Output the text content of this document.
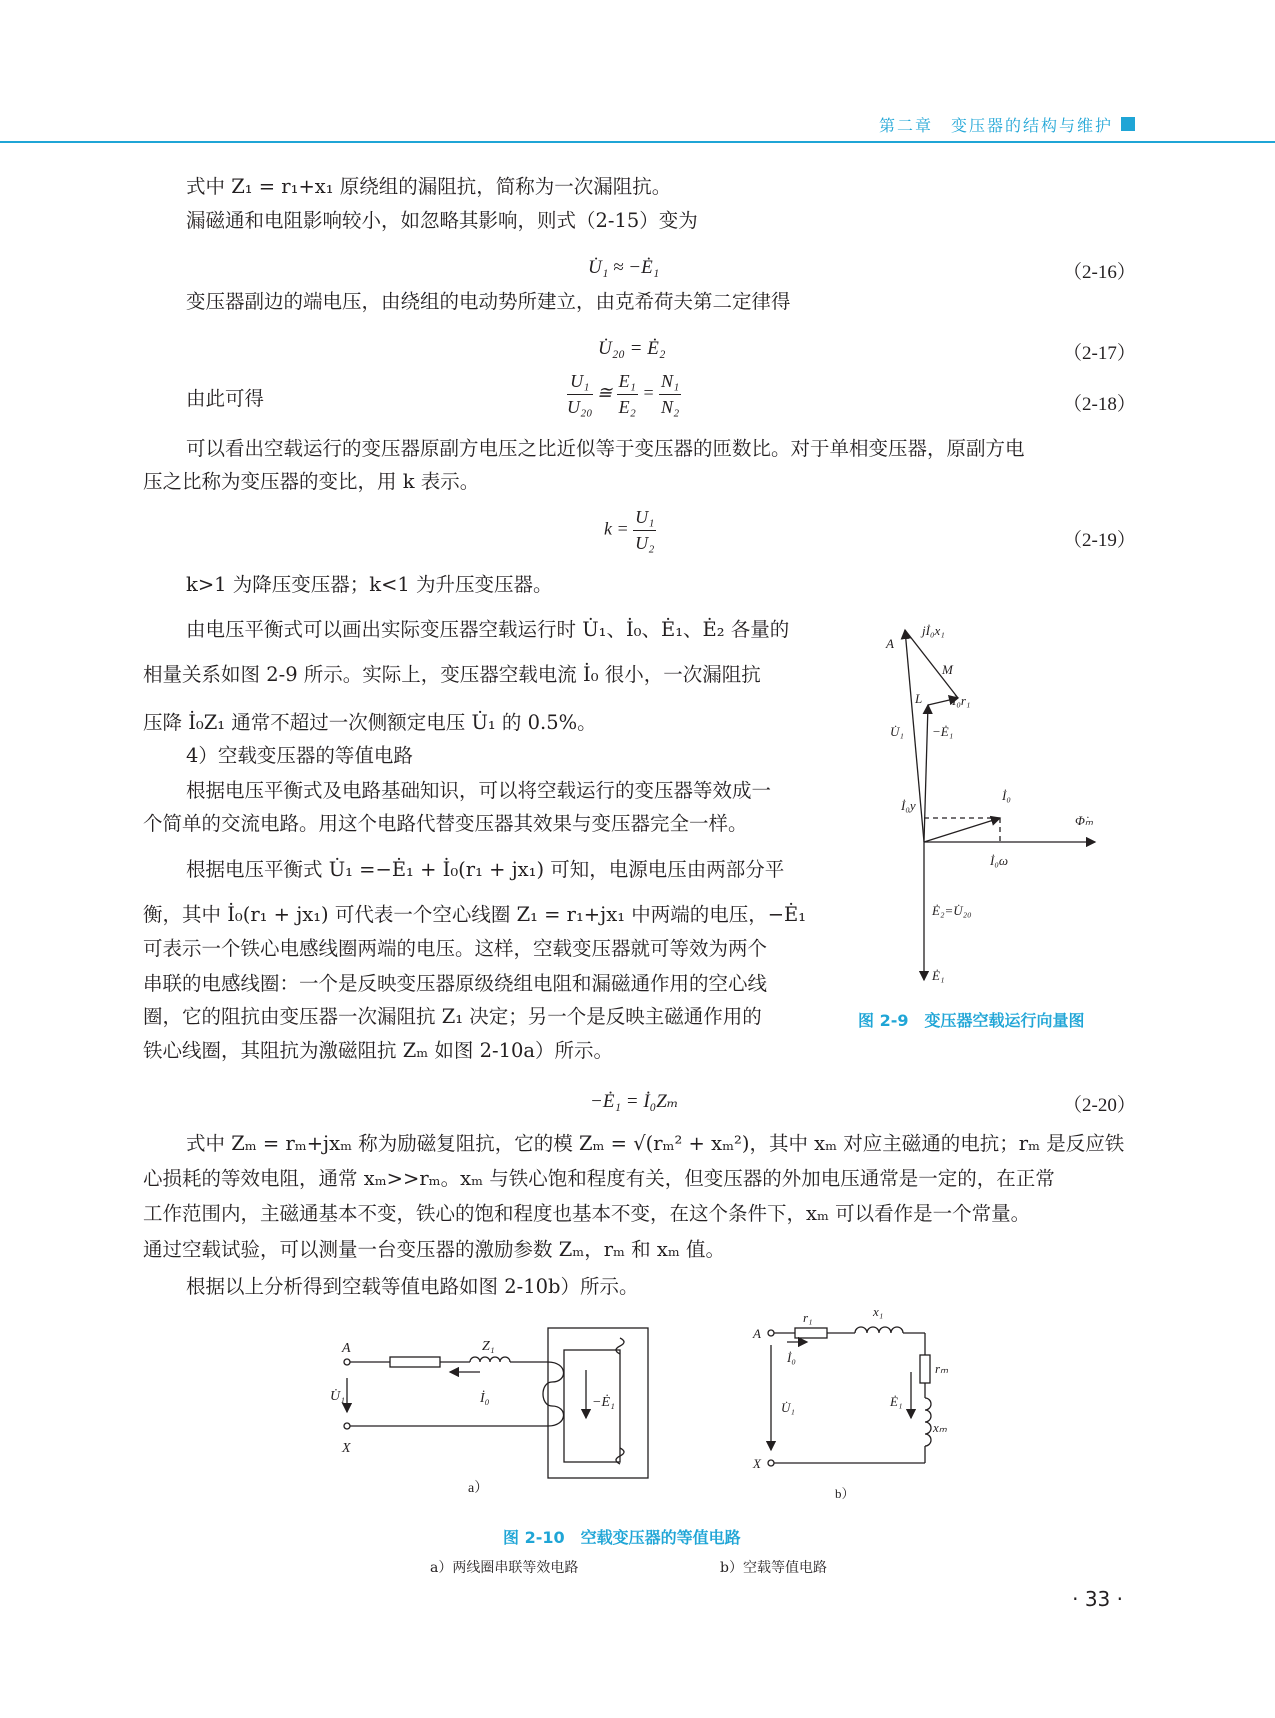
第二章　变压器的结构与维护
式中 Z₁ = r₁+x₁ 原绕组的漏阻抗，简称为一次漏阻抗。
漏磁通和电阻影响较小，如忽略其影响，则式（2-15）变为
U̇₁ ≈ −Ė₁	（2-16）
变压器副边的端电压，由绕组的电动势所建立，由克希荷夫第二定律得
U̇₂₀ = Ė₂	（2-17）
由此可得	$\frac{\text{U₁}}{\text{U₂₀}}$ ≅ $\frac{\text{E₁}}{\text{E₂}} = \frac{\text{N₁}}{\text{N₂}}$	（2-18）
可以看出空载运行的变压器原副方电压之比近似等于变压器的匝数比。对于单相变压器，原副方电
压之比称为变压器的变比，用 k 表示。
$k = \frac{\text{U₁}}{\text{U₂}}$	（2-19）
k>1 为降压变压器；k<1 为升压变压器。
由电压平衡式可以画出实际变压器空载运行时 U̇₁、İ₀、Ė₁、Ė₂ 各量的
相量关系如图 2-9 所示。实际上，变压器空载电流 İ₀ 很小，一次漏阻抗
压降 İ₀Z₁ 通常不超过一次侧额定电压 U̇₁ 的 0.5%。
4）空载变压器的等值电路
根据电压平衡式及电路基础知识，可以将空载运行的变压器等效成一
个简单的交流电路。用这个电路代替变压器其效果与变压器完全一样。
根据电压平衡式 U̇₁ =−Ė₁ + İ₀(r₁ + jx₁) 可知，电源电压由两部分平
衡，其中 İ₀(r₁ + jx₁) 可代表一个空心线圈 Z₁ = r₁+jx₁ 中两端的电压，−Ė₁
可表示一个铁心电感线圈两端的电压。这样，空载变压器就可等效为两个
串联的电感线圈：一个是反映变压器原级绕组电阻和漏磁通作用的空心线
圈，它的阻抗由变压器一次漏阻抗 Z₁ 决定；另一个是反映主磁通作用的
铁心线圈，其阻抗为激磁阻抗 Zₘ 如图 2-10a）所示。
−Ė₁ = İ₀Zₘ	（2-20）
式中 Zₘ = rₘ+jxₘ 称为励磁复阻抗，它的模 Zₘ = √(rₘ² + xₘ²)，其中 xₘ 对应主磁通的电抗；rₘ 是反应铁
心损耗的等效电阻，通常 xₘ>>rₘ。xₘ 与铁心饱和程度有关，但变压器的外加电压通常是一定的，在正常
工作范围内，主磁通基本不变，铁心的饱和程度也基本不变，在这个条件下，xₘ 可以看作是一个常量。
通过空载试验，可以测量一台变压器的激励参数 Zₘ，rₘ 和 xₘ 值。
根据以上分析得到空载等值电路如图 2-10b）所示。
A
jİ₀x₁
M
L İ₀r₁
U̇₁ −Ė₁
İ₀y
İ₀
Φ̇ₘ
İ₀ω
Ė₂=U̇₂₀
Ė₁
图 2-9　变压器空载运行向量图
A
X
Z₁
U̇₁	İ₀	−Ė₁
a）
A
X
r₁	x₁
rₘ
xₘ
İ₀
U̇₁	Ė₁
b）
图 2-10　空载变压器的等值电路
a）两线圈串联等效电路	b）空载等值电路
· 33 ·
